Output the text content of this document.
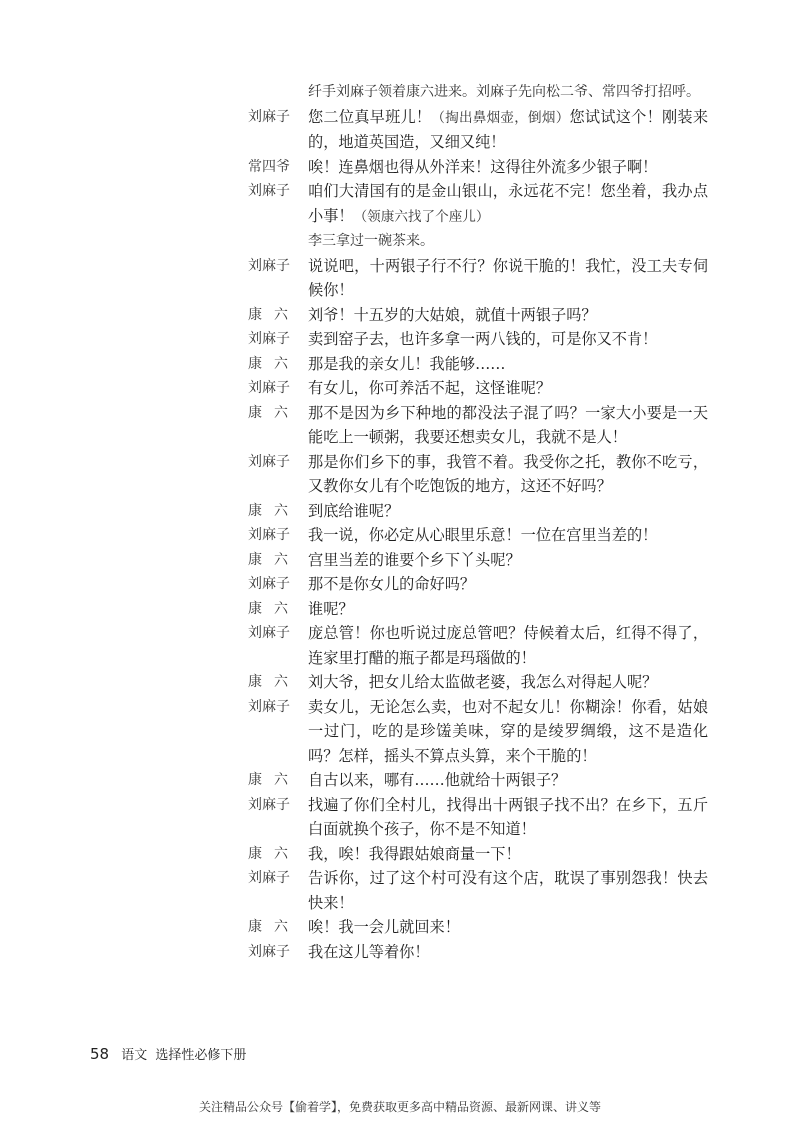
纤手刘麻子领着康六进来。刘麻子先向松二爷、常四爷打招呼。
刘麻子	您二位真早班儿！（掏出鼻烟壶，倒烟）您试试这个！刚装来的，地道英国造，又细又纯！
常四爷	唉！连鼻烟也得从外洋来！这得往外流多少银子啊！
刘麻子	咱们大清国有的是金山银山，永远花不完！您坐着，我办点小事！（领康六找了个座儿）
李三拿过一碗茶来。
刘麻子	说说吧，十两银子行不行？你说干脆的！我忙，没工夫专伺候你！
康六 刘爷！十五岁的大姑娘，就值十两银子吗？
刘麻子	卖到窑子去，也许多拿一两八钱的，可是你又不肯！
康六 那是我的亲女儿！我能够……
刘麻子	有女儿，你可养活不起，这怪谁呢？
康六 那不是因为乡下种地的都没法子混了吗？一家大小要是一天能吃上一顿粥，我要还想卖女儿，我就不是人！
刘麻子	那是你们乡下的事，我管不着。我受你之托，教你不吃亏，又教你女儿有个吃饱饭的地方，这还不好吗？
康六 到底给谁呢？
刘麻子	我一说，你必定从心眼里乐意！一位在宫里当差的！
康六 宫里当差的谁要个乡下丫头呢？
刘麻子	那不是你女儿的命好吗？
康六 谁呢？
刘麻子	庞总管！你也听说过庞总管吧？侍候着太后，红得不得了，连家里打醋的瓶子都是玛瑙做的！
康六 刘大爷，把女儿给太监做老婆，我怎么对得起人呢？
刘麻子	卖女儿，无论怎么卖，也对不起女儿！你糊涂！你看，姑娘一过门，吃的是珍馐美味，穿的是绫罗绸缎，这不是造化吗？怎样，摇头不算点头算，来个干脆的！
康六 自古以来，哪有……他就给十两银子？
刘麻子	找遍了你们全村儿，找得出十两银子找不出？在乡下，五斤白面就换个孩子，你不是不知道！
康六 我，唉！我得跟姑娘商量一下！
刘麻子	告诉你，过了这个村可没有这个店，耽误了事别怨我！快去快来！
康六 唉！我一会儿就回来！
刘麻子	我在这儿等着你！
58 语文 选择性必修下册
关注精品公众号【偷着学】，免费获取更多高中精品资源、最新网课、讲义等
